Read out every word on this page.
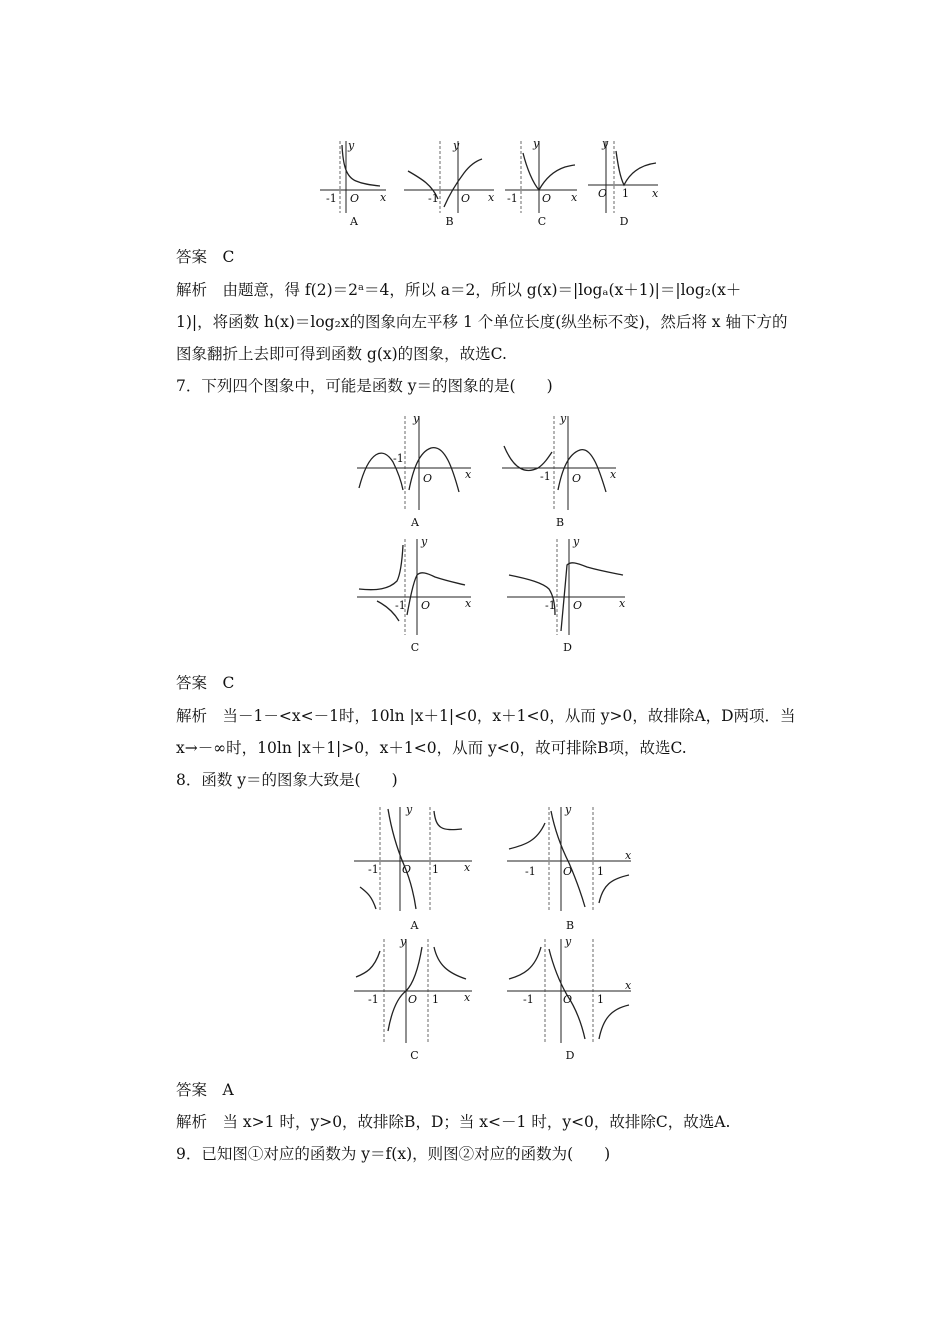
y
x
-1 O
A
y
x
-1 O
B
y
x
-1 O
C
y
x
O 1
D
答案　C
解析　由题意，得 f(2)＝2ᵃ＝4，所以 a＝2，所以 g(x)＝|logₐ(x＋1)|＝|log₂(x＋
1)|，将函数 h(x)＝log₂x的图象向左平移 1 个单位长度(纵坐标不变)，然后将 x 轴下方的
图象翻折上去即可得到函数 g(x)的图象，故选C.
7．下列四个图象中，可能是函数 y＝的图象的是(　　)
y
x
-1
O
A
y
x
-1 O
B
y
x
-1 O
C
y
x
-1 O
D
答案　C
解析　当－1－<x<－1时，10ln |x＋1|<0，x＋1<0，从而 y>0，故排除A，D两项．当
x→－∞时，10ln |x＋1|>0，x＋1<0，从而 y<0，故可排除B项，故选C.
8．函数 y＝的图象大致是(　　)
y
x
-1 O 1
A
y
x
-1 O 1
B
y
x
-1	O 1
C
y
x
-1	O 1
D
答案　A
解析　当 x>1 时，y>0，故排除B，D；当 x<－1 时，y<0，故排除C，故选A.
9．已知图①对应的函数为 y＝f(x)，则图②对应的函数为(　　)
